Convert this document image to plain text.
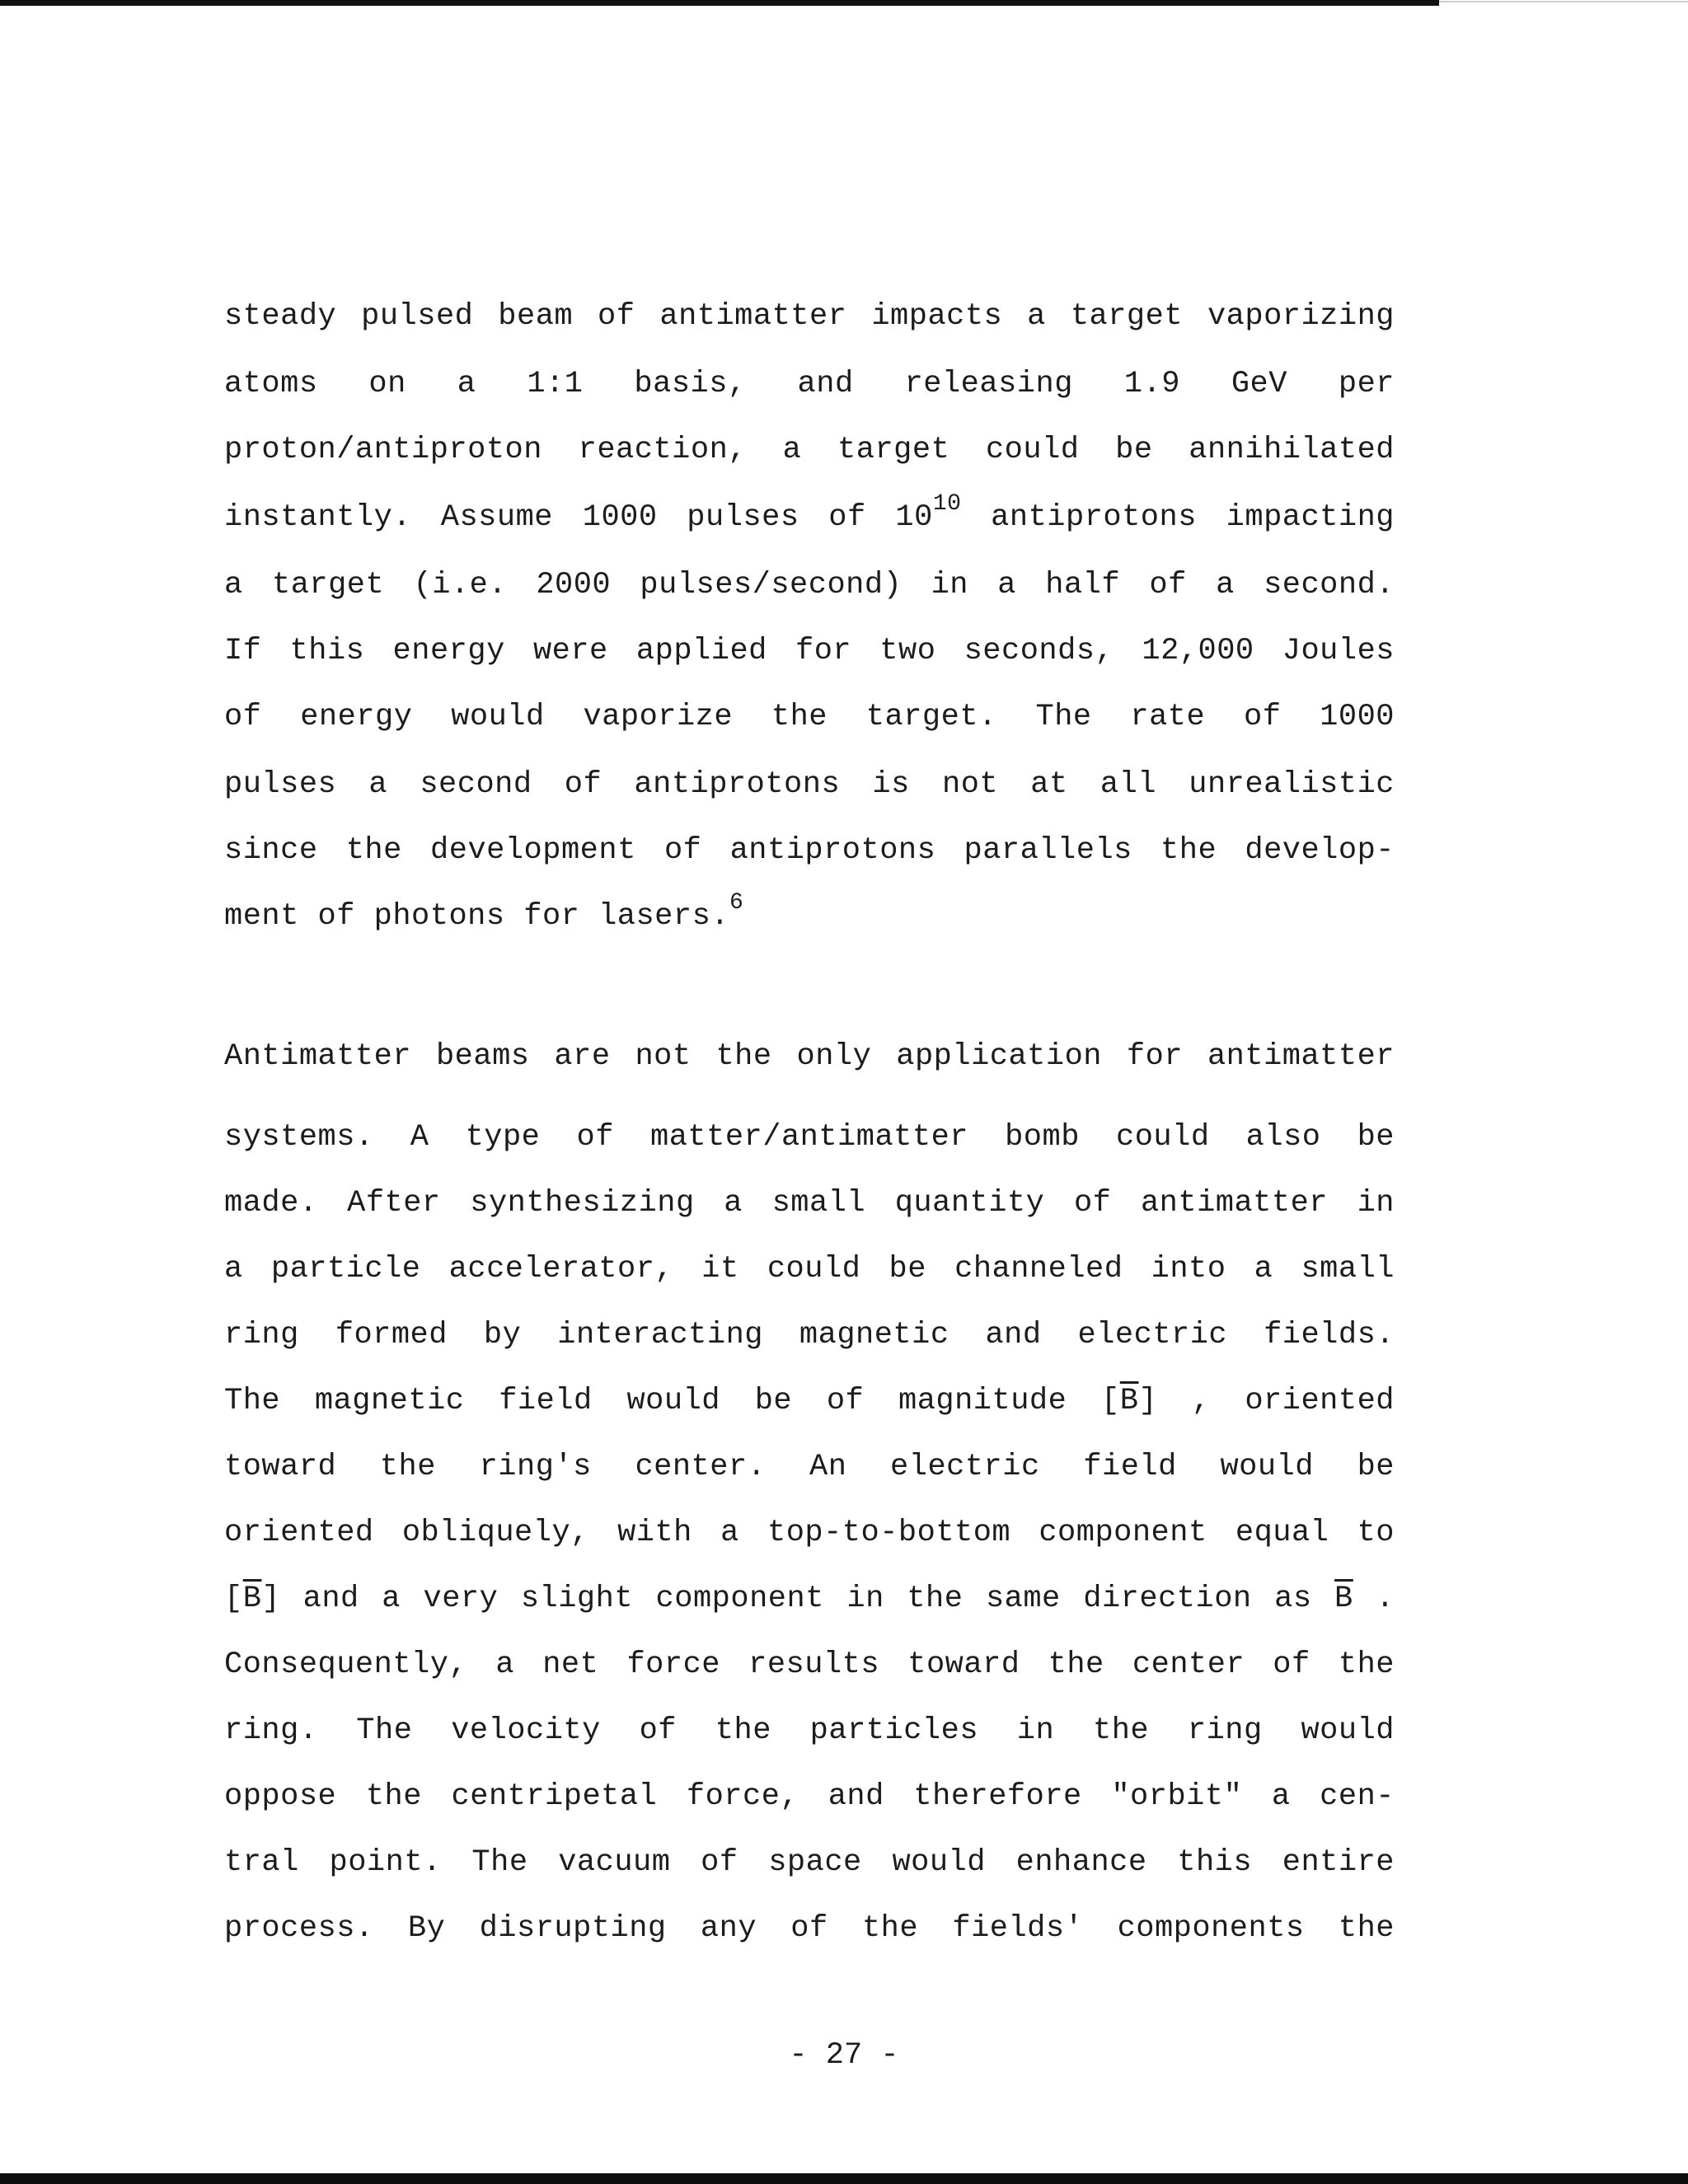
steady pulsed beam of antimatter impacts a target vaporizing
atoms on a 1:1 basis, and releasing 1.9 GeV per
proton/antiproton reaction, a target could be annihilated
instantly. Assume 1000 pulses of $10^{10}$ antiprotons impacting
a target (i.e. 2000 pulses/second) in a half of a second.
If this energy were applied for two seconds, 12,000 Joules
of energy would vaporize the target. The rate of 1000
pulses a second of antiprotons is not at all unrealistic
since the development of antiprotons parallels the develop-
ment of photons for lasers.$^6$
Antimatter beams are not the only application for antimatter
systems. A type of matter/antimatter bomb could also be
made. After synthesizing a small quantity of antimatter in
a particle accelerator, it could be channeled into a small
ring formed by interacting magnetic and electric fields.
The magnetic field would be of magnitude $[\overline{B}]$ , oriented
toward the ring's center. An electric field would be
oriented obliquely, with a top-to-bottom component equal to
$[\overline{B}]$ and a very slight component in the same direction as $\overline{B}$ .
Consequently, a net force results toward the center of the
ring. The velocity of the particles in the ring would
oppose the centripetal force, and therefore "orbit" a cen-
tral point. The vacuum of space would enhance this entire
process. By disrupting any of the fields' components the
- 27 -
